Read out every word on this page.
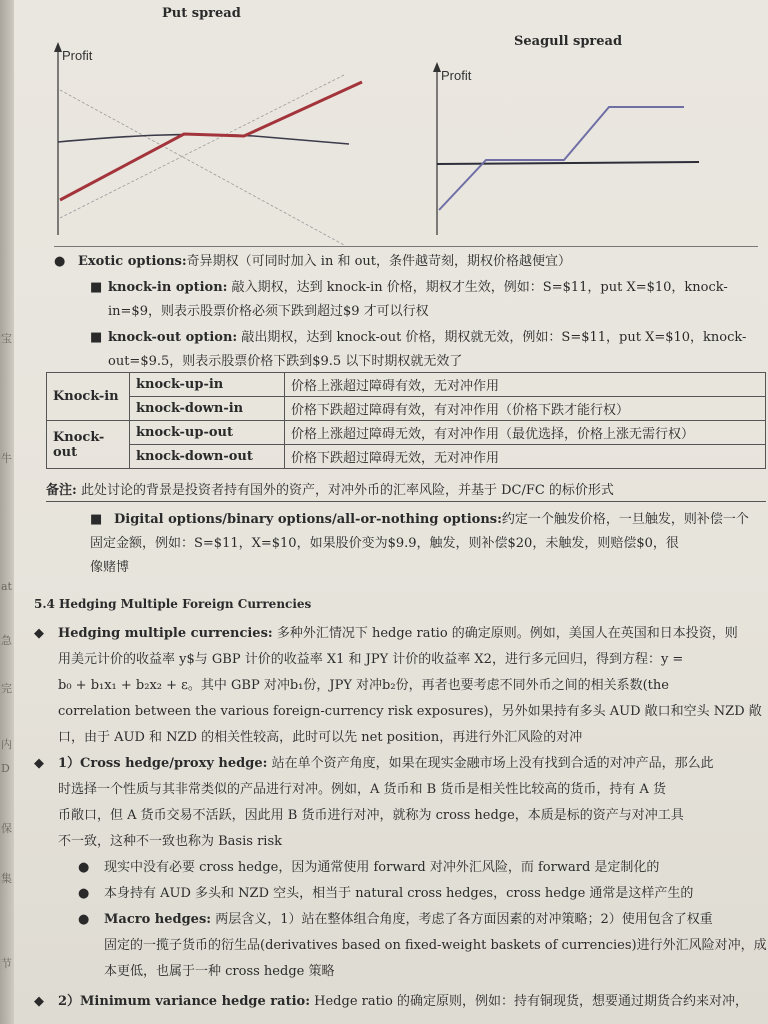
宝
牛
at
急
完
内
D
保
集
节
Put spread
Profit
Seagull spread
Profit
● Exotic options:奇异期权（可同时加入 in 和 out，条件越苛刻，期权价格越便宜）
■ knock-in option: 敲入期权，达到 knock-in 价格，期权才生效，例如：S=$11，put X=$10，knock-
in=$9，则表示股票价格必须下跌到超过$9 才可以行权
■ knock-out option: 敲出期权，达到 knock-out 价格，期权就无效，例如：S=$11，put X=$10，knock-
out=$9.5，则表示股票价格下跌到$9.5 以下时期权就无效了
Knock-in	knock-up-in	价格上涨超过障碍有效，无对冲作用
	knock-down-in	价格下跌超过障碍有效，有对冲作用（价格下跌才能行权）
Knock-out	knock-up-out	价格上涨超过障碍无效，有对冲作用（最优选择，价格上涨无需行权）
	knock-down-out	价格下跌超过障碍无效，无对冲作用
备注: 此处讨论的背景是投资者持有国外的资产，对冲外币的汇率风险，并基于 DC/FC 的标价形式
■ Digital options/binary options/all-or-nothing options:约定一个触发价格，一旦触发，则补偿一个
固定金额，例如：S=$11，X=$10，如果股价变为$9.9，触发，则补偿$20，未触发，则赔偿$0，很
像赌博
5.4 Hedging Multiple Foreign Currencies
◆ Hedging multiple currencies: 多种外汇情况下 hedge ratio 的确定原则。例如，美国人在英国和日本投资，则
用美元计价的收益率 y$与 GBP 计价的收益率 X1 和 JPY 计价的收益率 X2，进行多元回归，得到方程：y =
b₀ + b₁x₁ + b₂x₂ + ε。其中 GBP 对冲b₁份，JPY 对冲b₂份，再者也要考虑不同外币之间的相关系数(the
correlation between the various foreign-currency risk exposures)，另外如果持有多头 AUD 敞口和空头 NZD 敞
口，由于 AUD 和 NZD 的相关性较高，此时可以先 net position，再进行外汇风险的对冲
◆ 1）Cross hedge/proxy hedge: 站在单个资产角度，如果在现实金融市场上没有找到合适的对冲产品，那么此
时选择一个性质与其非常类似的产品进行对冲。例如，A 货币和 B 货币是相关性比较高的货币，持有 A 货
币敞口，但 A 货币交易不活跃，因此用 B 货币进行对冲，就称为 cross hedge，本质是标的资产与对冲工具
不一致，这种不一致也称为 Basis risk
● 现实中没有必要 cross hedge，因为通常使用 forward 对冲外汇风险，而 forward 是定制化的
● 本身持有 AUD 多头和 NZD 空头，相当于 natural cross hedges，cross hedge 通常是这样产生的
● Macro hedges: 两层含义，1）站在整体组合角度，考虑了各方面因素的对冲策略；2）使用包含了权重
固定的一揽子货币的衍生品(derivatives based on fixed-weight baskets of currencies)进行外汇风险对冲，成
本更低，也属于一种 cross hedge 策略
◆ 2）Minimum variance hedge ratio: Hedge ratio 的确定原则，例如：持有铜现货，想要通过期货合约来对冲，
